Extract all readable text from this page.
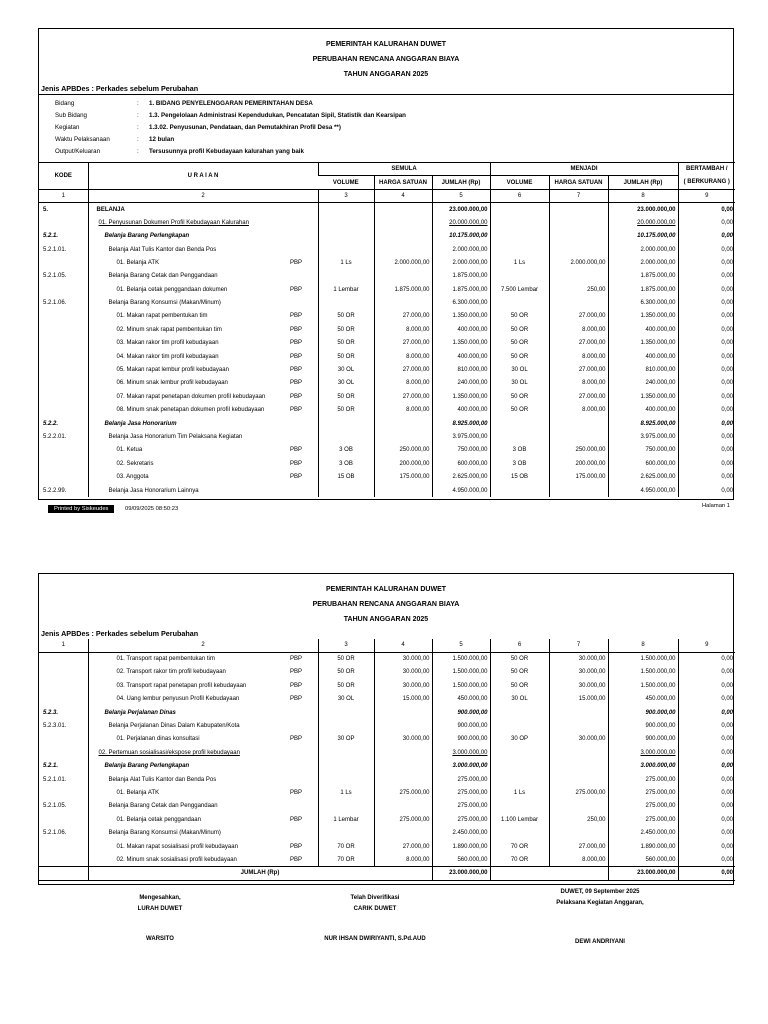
PEMERINTAH KALURAHAN DUWET
PERUBAHAN RENCANA ANGGARAN BIAYA
TAHUN ANGGARAN 2025
Jenis APBDes : Perkades sebelum Perubahan
Bidang	:	1. BIDANG PENYELENGGARAN PEMERINTAHAN DESA
Sub Bidang	:	1.3. Pengelolaan Administrasi Kependudukan, Pencatatan Sipil, Statistik dan Kearsipan
Kegiatan	:	1.3.02. Penyusunan, Pendataan, dan Pemutakhiran Profil Desa **)
Waktu Pelaksanaan	:	12 bulan
Output/Keluaran	:	Tersusunnya profil Kebudayaan kalurahan yang baik
KODE	U R A I A N		SEMULA			MENJADI			BERTAMBAH /
			VOLUME	HARGA SATUAN	JUMLAH (Rp)	VOLUME	HARGA SATUAN	JUMLAH (Rp)	( BERKURANG )
1	2		3	4	5	6	7	8	9
5.	BELANJA				23.000.000,00			23.000.000,00	0,00
	01. Penyusunan Dokumen Profil Kebudayaan Kalurahan				20.000.000,00			20.000.000,00	0,00
5.2.1.	Belanja Barang Perlengkapan				10.175.000,00			10.175.000,00	0,00
5.2.1.01.	Belanja Alat Tulis Kantor dan Benda Pos				2.000.000,00			2.000.000,00	0,00
	01. Belanja ATK	PBP	1 Ls	2.000.000,00	2.000.000,00	1 Ls	2.000.000,00	2.000.000,00	0,00
5.2.1.05.	Belanja Barang Cetak dan Penggandaan				1.875.000,00			1.875.000,00	0,00
	01. Belanja cetak penggandaan dokumen	PBP	1 Lembar	1.875.000,00	1.875.000,00	7.500 Lembar	250,00	1.875.000,00	0,00
5.2.1.06.	Belanja Barang Konsumsi (Makan/Minum)				6.300.000,00			6.300.000,00	0,00
	01. Makan rapat pembentukan tim	PBP	50 OR	27.000,00	1.350.000,00	50 OR	27.000,00	1.350.000,00	0,00
	02. Minum snak rapat pembentukan tim	PBP	50 OR	8.000,00	400.000,00	50 OR	8.000,00	400.000,00	0,00
	03. Makan rakor tim profil kebudayaan	PBP	50 OR	27.000,00	1.350.000,00	50 OR	27.000,00	1.350.000,00	0,00
	04. Makan rakor tim profil kebudayaan	PBP	50 OR	8.000,00	400.000,00	50 OR	8.000,00	400.000,00	0,00
	05. Makan rapat lembur profil kebudayaan	PBP	30 OL	27.000,00	810.000,00	30 OL	27.000,00	810.000,00	0,00
	06. Minum snak lembur profil kebudayaan	PBP	30 OL	8.000,00	240.000,00	30 OL	8.000,00	240.000,00	0,00
	07. Makan rapat penetapan dokumen profil kebudayaan	PBP	50 OR	27.000,00	1.350.000,00	50 OR	27.000,00	1.350.000,00	0,00
	08. Minum snak penetapan dokumen profil kebudayaan	PBP	50 OR	8.000,00	400.000,00	50 OR	8.000,00	400.000,00	0,00
5.2.2.	Belanja Jasa Honorarium				8.925.000,00			8.925.000,00	0,00
5.2.2.01.	Belanja Jasa Honorarium Tim Pelaksana Kegiatan				3.975.000,00			3.975.000,00	0,00
	01. Ketua	PBP	3 OB	250.000,00	750.000,00	3 OB	250.000,00	750.000,00	0,00
	02. Sekretaris	PBP	3 OB	200.000,00	600.000,00	3 OB	200.000,00	600.000,00	0,00
	03. Anggota	PBP	15 OB	175.000,00	2.625.000,00	15 OB	175.000,00	2.625.000,00	0,00
5.2.2.99.	Belanja Jasa Honorarium Lainnya				4.950.000,00			4.950.000,00	0,00
Printed by Siskeudes	09/09/2025 08:50:23	Halaman 1
PEMERINTAH KALURAHAN DUWET
PERUBAHAN RENCANA ANGGARAN BIAYA
TAHUN ANGGARAN 2025
Jenis APBDes : Perkades sebelum Perubahan
1	2		3	4	5	6	7	8	9
	01. Transport rapat pembentukan tim	PBP	50 OR	30.000,00	1.500.000,00	50 OR	30.000,00	1.500.000,00	0,00
	02. Transport rakor tim profil kebudayaan	PBP	50 OR	30.000,00	1.500.000,00	50 OR	30.000,00	1.500.000,00	0,00
	03. Transport rapat penetapan profil kebudayaan	PBP	50 OR	30.000,00	1.500.000,00	50 OR	30.000,00	1.500.000,00	0,00
	04. Uang lembur penyusun Profil Kebudayaan	PBP	30 OL	15.000,00	450.000,00	30 OL	15.000,00	450.000,00	0,00
5.2.3.	Belanja Perjalanan Dinas				900.000,00			900.000,00	0,00
5.2.3.01.	Belanja Perjalanan Dinas Dalam Kabupaten/Kota				900.000,00			900.000,00	0,00
	01. Perjalanan dinas konsultasi	PBP	30 OP	30.000,00	900.000,00	30 OP	30.000,00	900.000,00	0,00
	02. Pertemuan sosialisasi/ekspose profil kebudayaan				3.000.000,00			3.000.000,00	0,00
5.2.1.	Belanja Barang Perlengkapan				3.000.000,00			3.000.000,00	0,00
5.2.1.01.	Belanja Alat Tulis Kantor dan Benda Pos				275.000,00			275.000,00	0,00
	01. Belanja ATK	PBP	1 Ls	275.000,00	275.000,00	1 Ls	275.000,00	275.000,00	0,00
5.2.1.05.	Belanja Barang Cetak dan Penggandaan				275.000,00			275.000,00	0,00
	01. Belanja cetak penggandaan	PBP	1 Lembar	275.000,00	275.000,00	1.100 Lembar	250,00	275.000,00	0,00
5.2.1.06.	Belanja Barang Konsumsi (Makan/Minum)				2.450.000,00			2.450.000,00	0,00
	01. Makan rapat sosialisasi profil kebudayaan	PBP	70 OR	27.000,00	1.890.000,00	70 OR	27.000,00	1.890.000,00	0,00
	02. Minum snak sosialisasi profil kebudayaan	PBP	70 OR	8.000,00	560.000,00	70 OR	8.000,00	560.000,00	0,00
	JUMLAH (Rp)				23.000.000,00			23.000.000,00	0,00
Mengesahkan,
LURAH DUWET
WARSITO
Telah Diverifikasi
CARIK DUWET
NUR IHSAN DWIRIYANTI, S.Pd.AUD
DUWET, 09 September 2025
Pelaksana Kegiatan Anggaran,
DEWI ANDRIYANI
